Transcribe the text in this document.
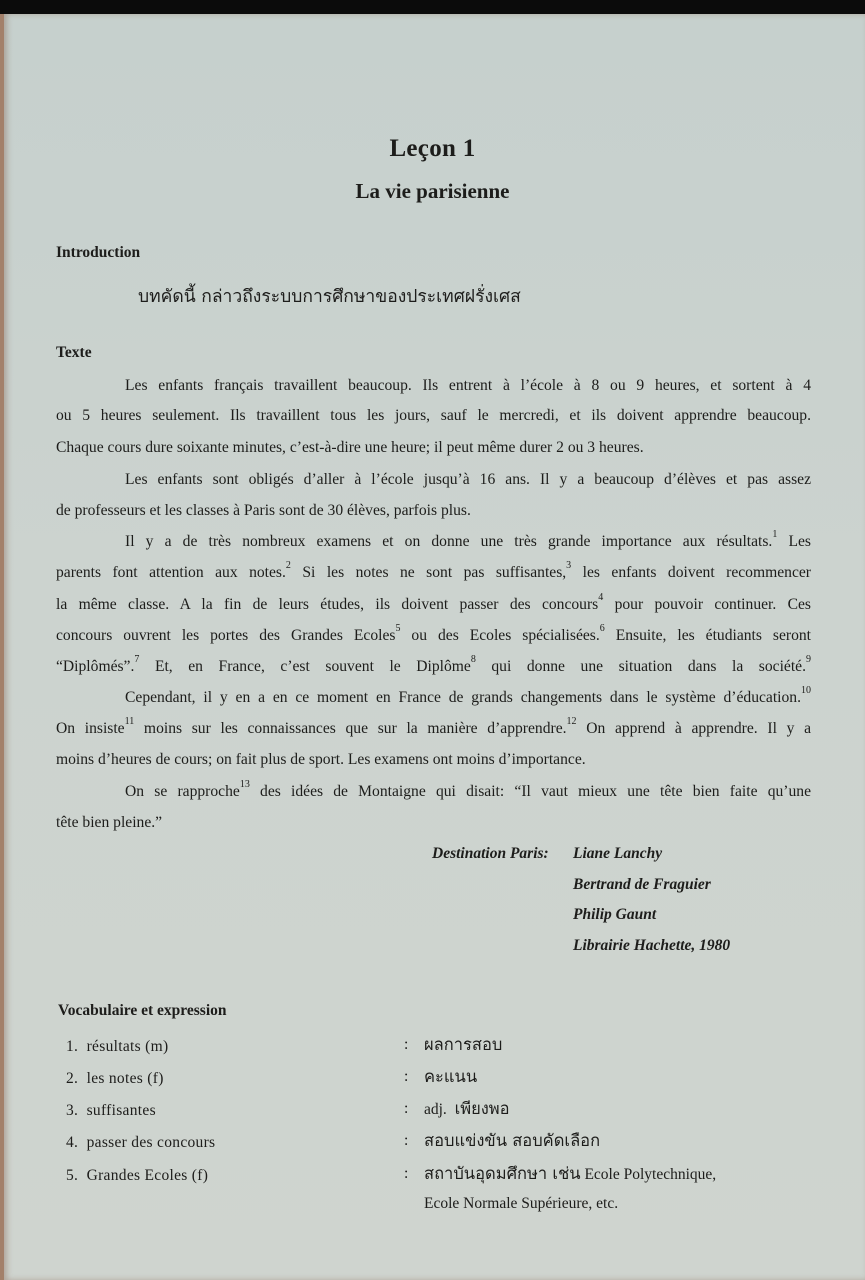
Leçon 1
La vie parisienne
Introduction
บทคัดนี้ กล่าวถึงระบบการศึกษาของประเทศฝรั่งเศส
Texte
Les enfants français travaillent beaucoup. Ils entrent à l’école à 8 ou 9 heures, et sortent à 4
ou 5 heures seulement. Ils travaillent tous les jours, sauf le mercredi, et ils doivent apprendre beaucoup.
Chaque cours dure soixante minutes, c’est-à-dire une heure; il peut même durer 2 ou 3 heures.
Les enfants sont obligés d’aller à l’école jusqu’à 16 ans. Il y a beaucoup d’élèves et pas assez
de professeurs et les classes à Paris sont de 30 élèves, parfois plus.
Il y a de très nombreux examens et on donne une très grande importance aux résultats.$^1$ Les
parents font attention aux notes.$^2$ Si les notes ne sont pas suffisantes,$^3$ les enfants doivent recommencer
la même classe. A la fin de leurs études, ils doivent passer des concours$^4$ pour pouvoir continuer. Ces
concours ouvrent les portes des Grandes Ecoles$^5$ ou des Ecoles spécialisées.$^6$ Ensuite, les étudiants seront
“Diplômés”.$^7$ Et, en France, c’est souvent le Diplôme$^8$ qui donne une situation dans la société.$^9$
Cependant, il y en a en ce moment en France de grands changements dans le système d’éducation.$^{10}$
On insiste$^{11}$ moins sur les connaissances que sur la manière d’apprendre.$^{12}$ On apprend à apprendre. Il y a
moins d’heures de cours; on fait plus de sport. Les examens ont moins d’importance.
On se rapproche$^{13}$ des idées de Montaigne qui disait: “Il vaut mieux une tête bien faite qu’une
tête bien pleine.”
Destination Paris: Liane Lanchy
Bertrand de Fraguier
Philip Gaunt
Librairie Hachette, 1980
Vocabulaire et expression
1. résultats (m)	: ผลการสอบ
2. les notes (f)	: คะแนน
3. suffisantes	: adj. เพียงพอ
4. passer des concours	: สอบแข่งขัน สอบคัดเลือก
5. Grandes Ecoles (f)	: สถาบันอุดมศึกษา เช่น Ecole Polytechnique,
Ecole Normale Supérieure, etc.
